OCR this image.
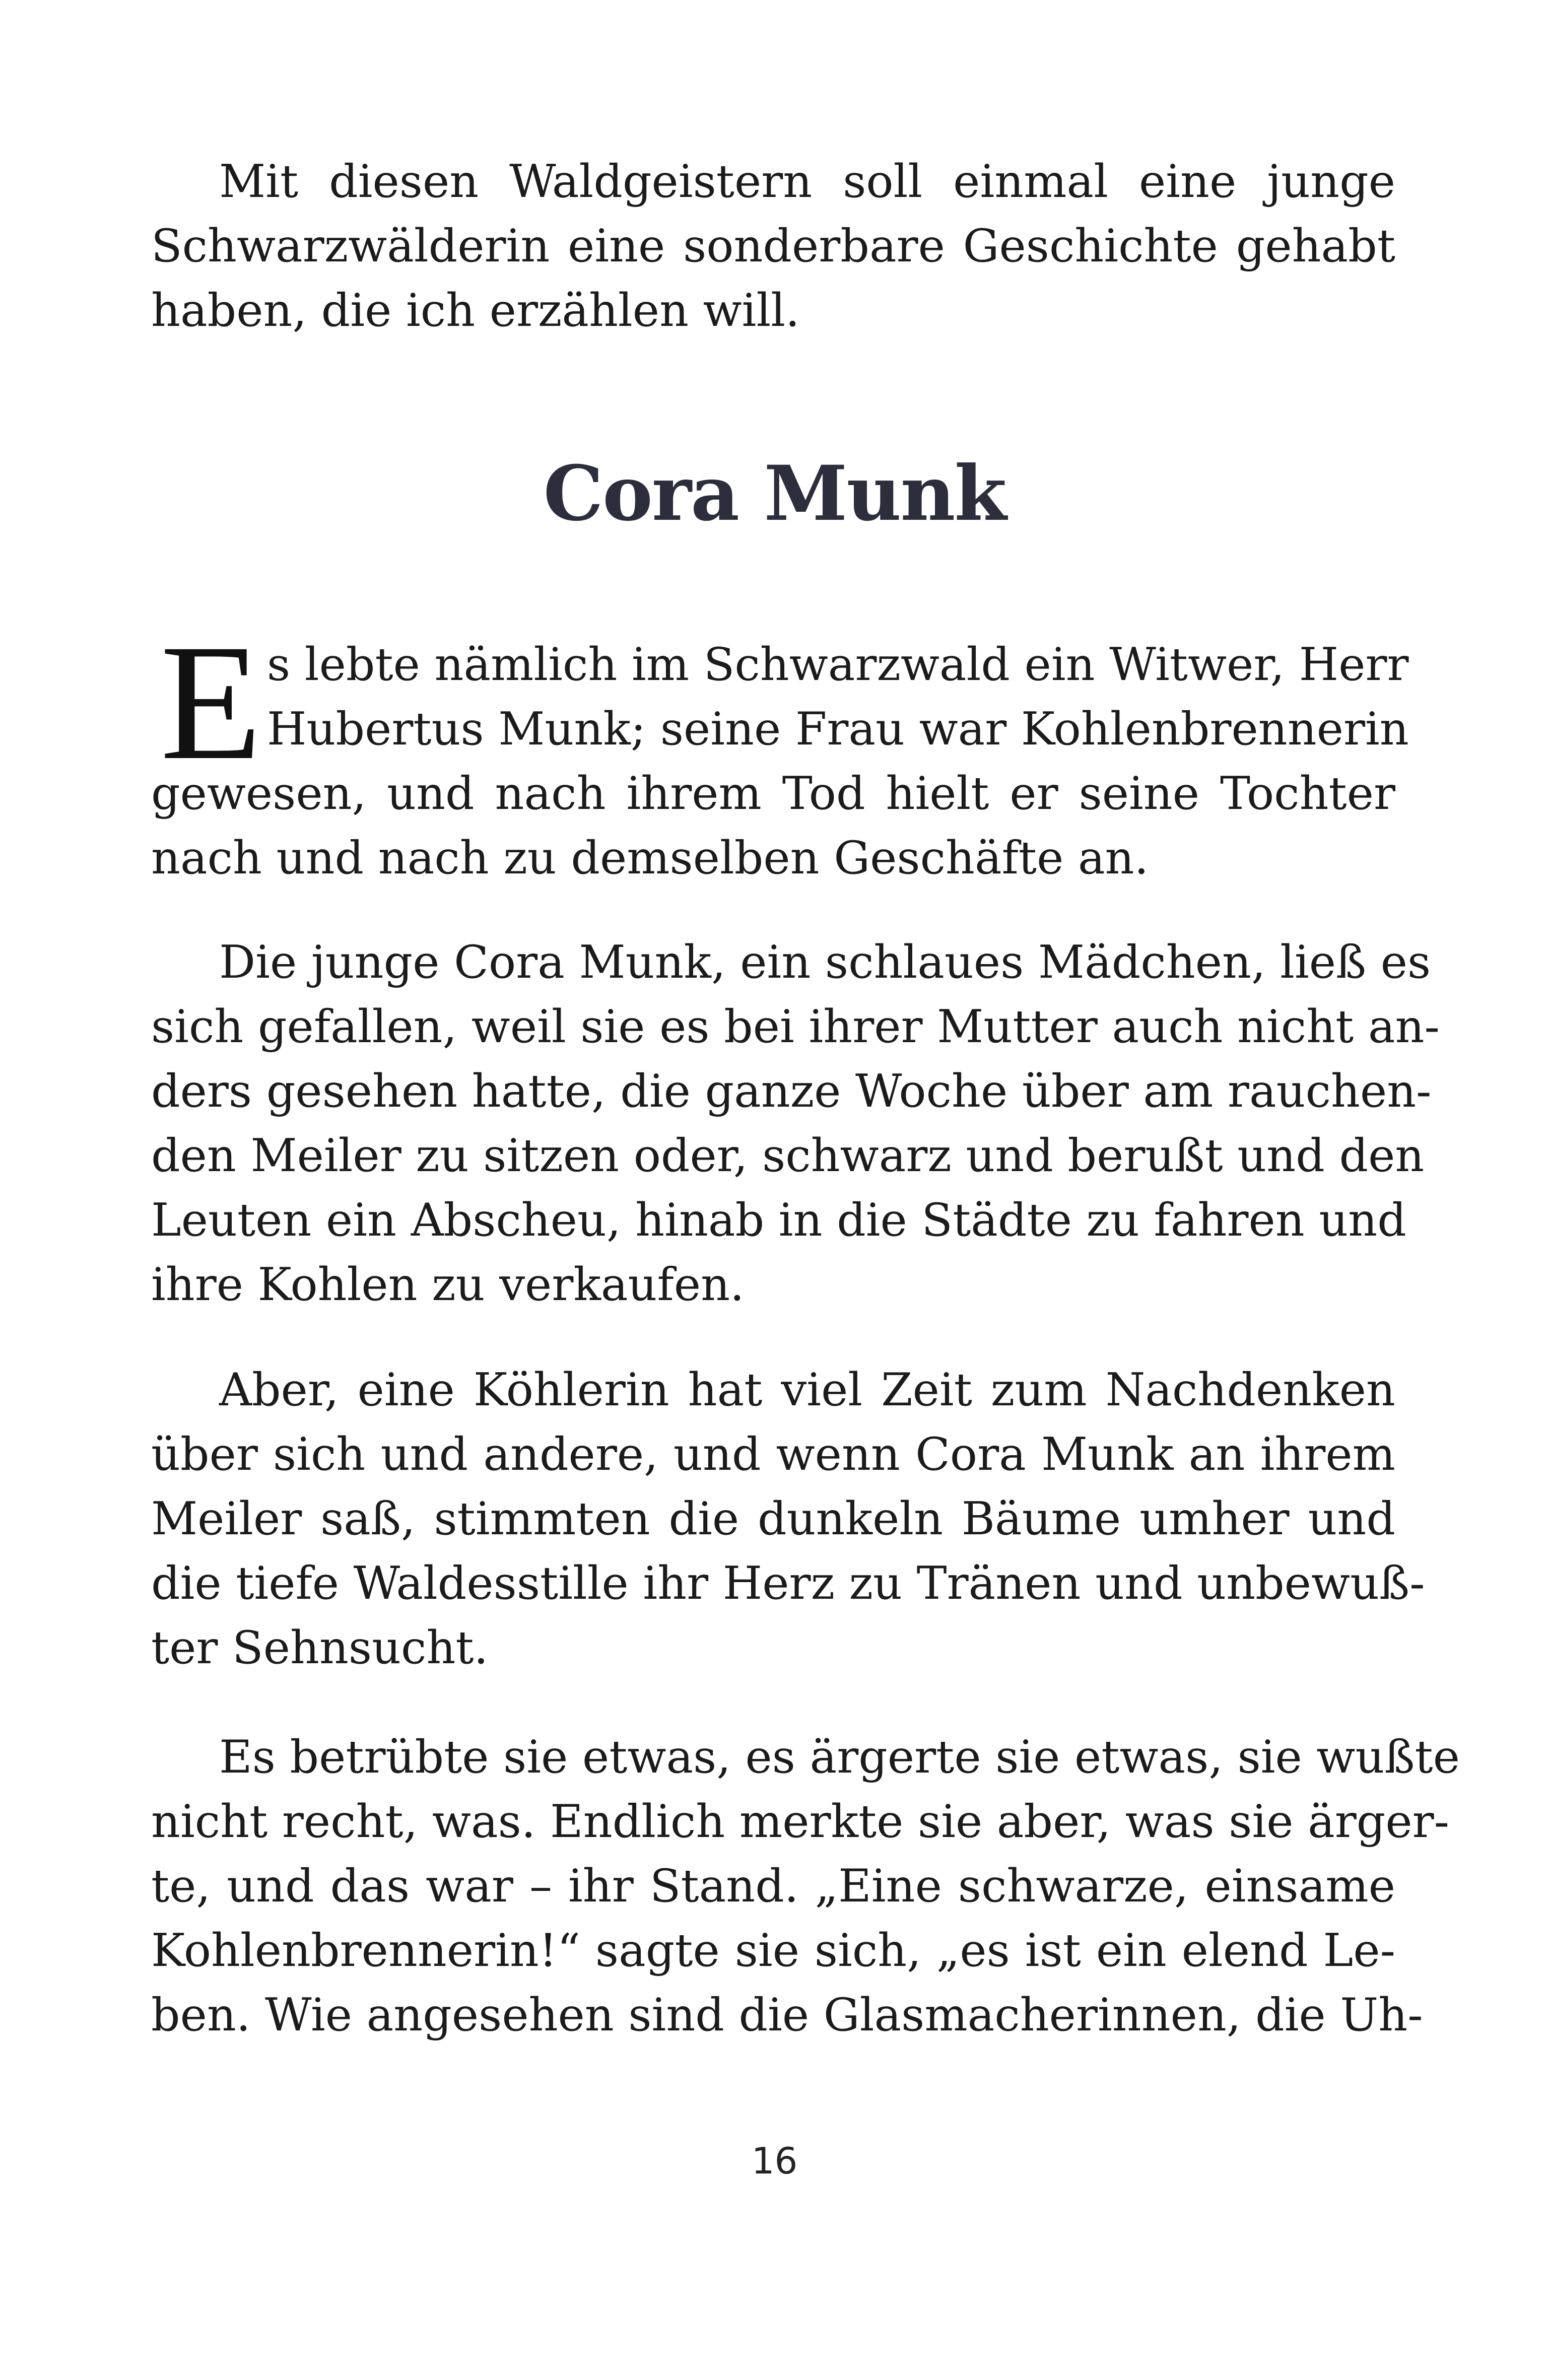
Mit diesen Waldgeistern soll einmal eine junge
Schwarzwälderin eine sonderbare Geschichte gehabt
haben, die ich erzählen will.
Cora Munk
E s lebte nämlich im Schwarzwald ein Witwer, Herr
Hubertus Munk; seine Frau war Kohlenbrennerin
gewesen, und nach ihrem Tod hielt er seine Tochter
nach und nach zu demselben Geschäfte an.
Die junge Cora Munk, ein schlaues Mädchen, ließ es
sich gefallen, weil sie es bei ihrer Mutter auch nicht an-
ders gesehen hatte, die ganze Woche über am rauchen-
den Meiler zu sitzen oder, schwarz und berußt und den
Leuten ein Abscheu, hinab in die Städte zu fahren und
ihre Kohlen zu verkaufen.
Aber, eine Köhlerin hat viel Zeit zum Nachdenken
über sich und andere, und wenn Cora Munk an ihrem
Meiler saß, stimmten die dunkeln Bäume umher und
die tiefe Waldesstille ihr Herz zu Tränen und unbewuß-
ter Sehnsucht.
Es betrübte sie etwas, es ärgerte sie etwas, sie wußte
nicht recht, was. Endlich merkte sie aber, was sie ärger-
te, und das war – ihr Stand. „Eine schwarze, einsame
Kohlenbrennerin!“ sagte sie sich, „es ist ein elend Le-
ben. Wie angesehen sind die Glasmacherinnen, die Uh-
16
